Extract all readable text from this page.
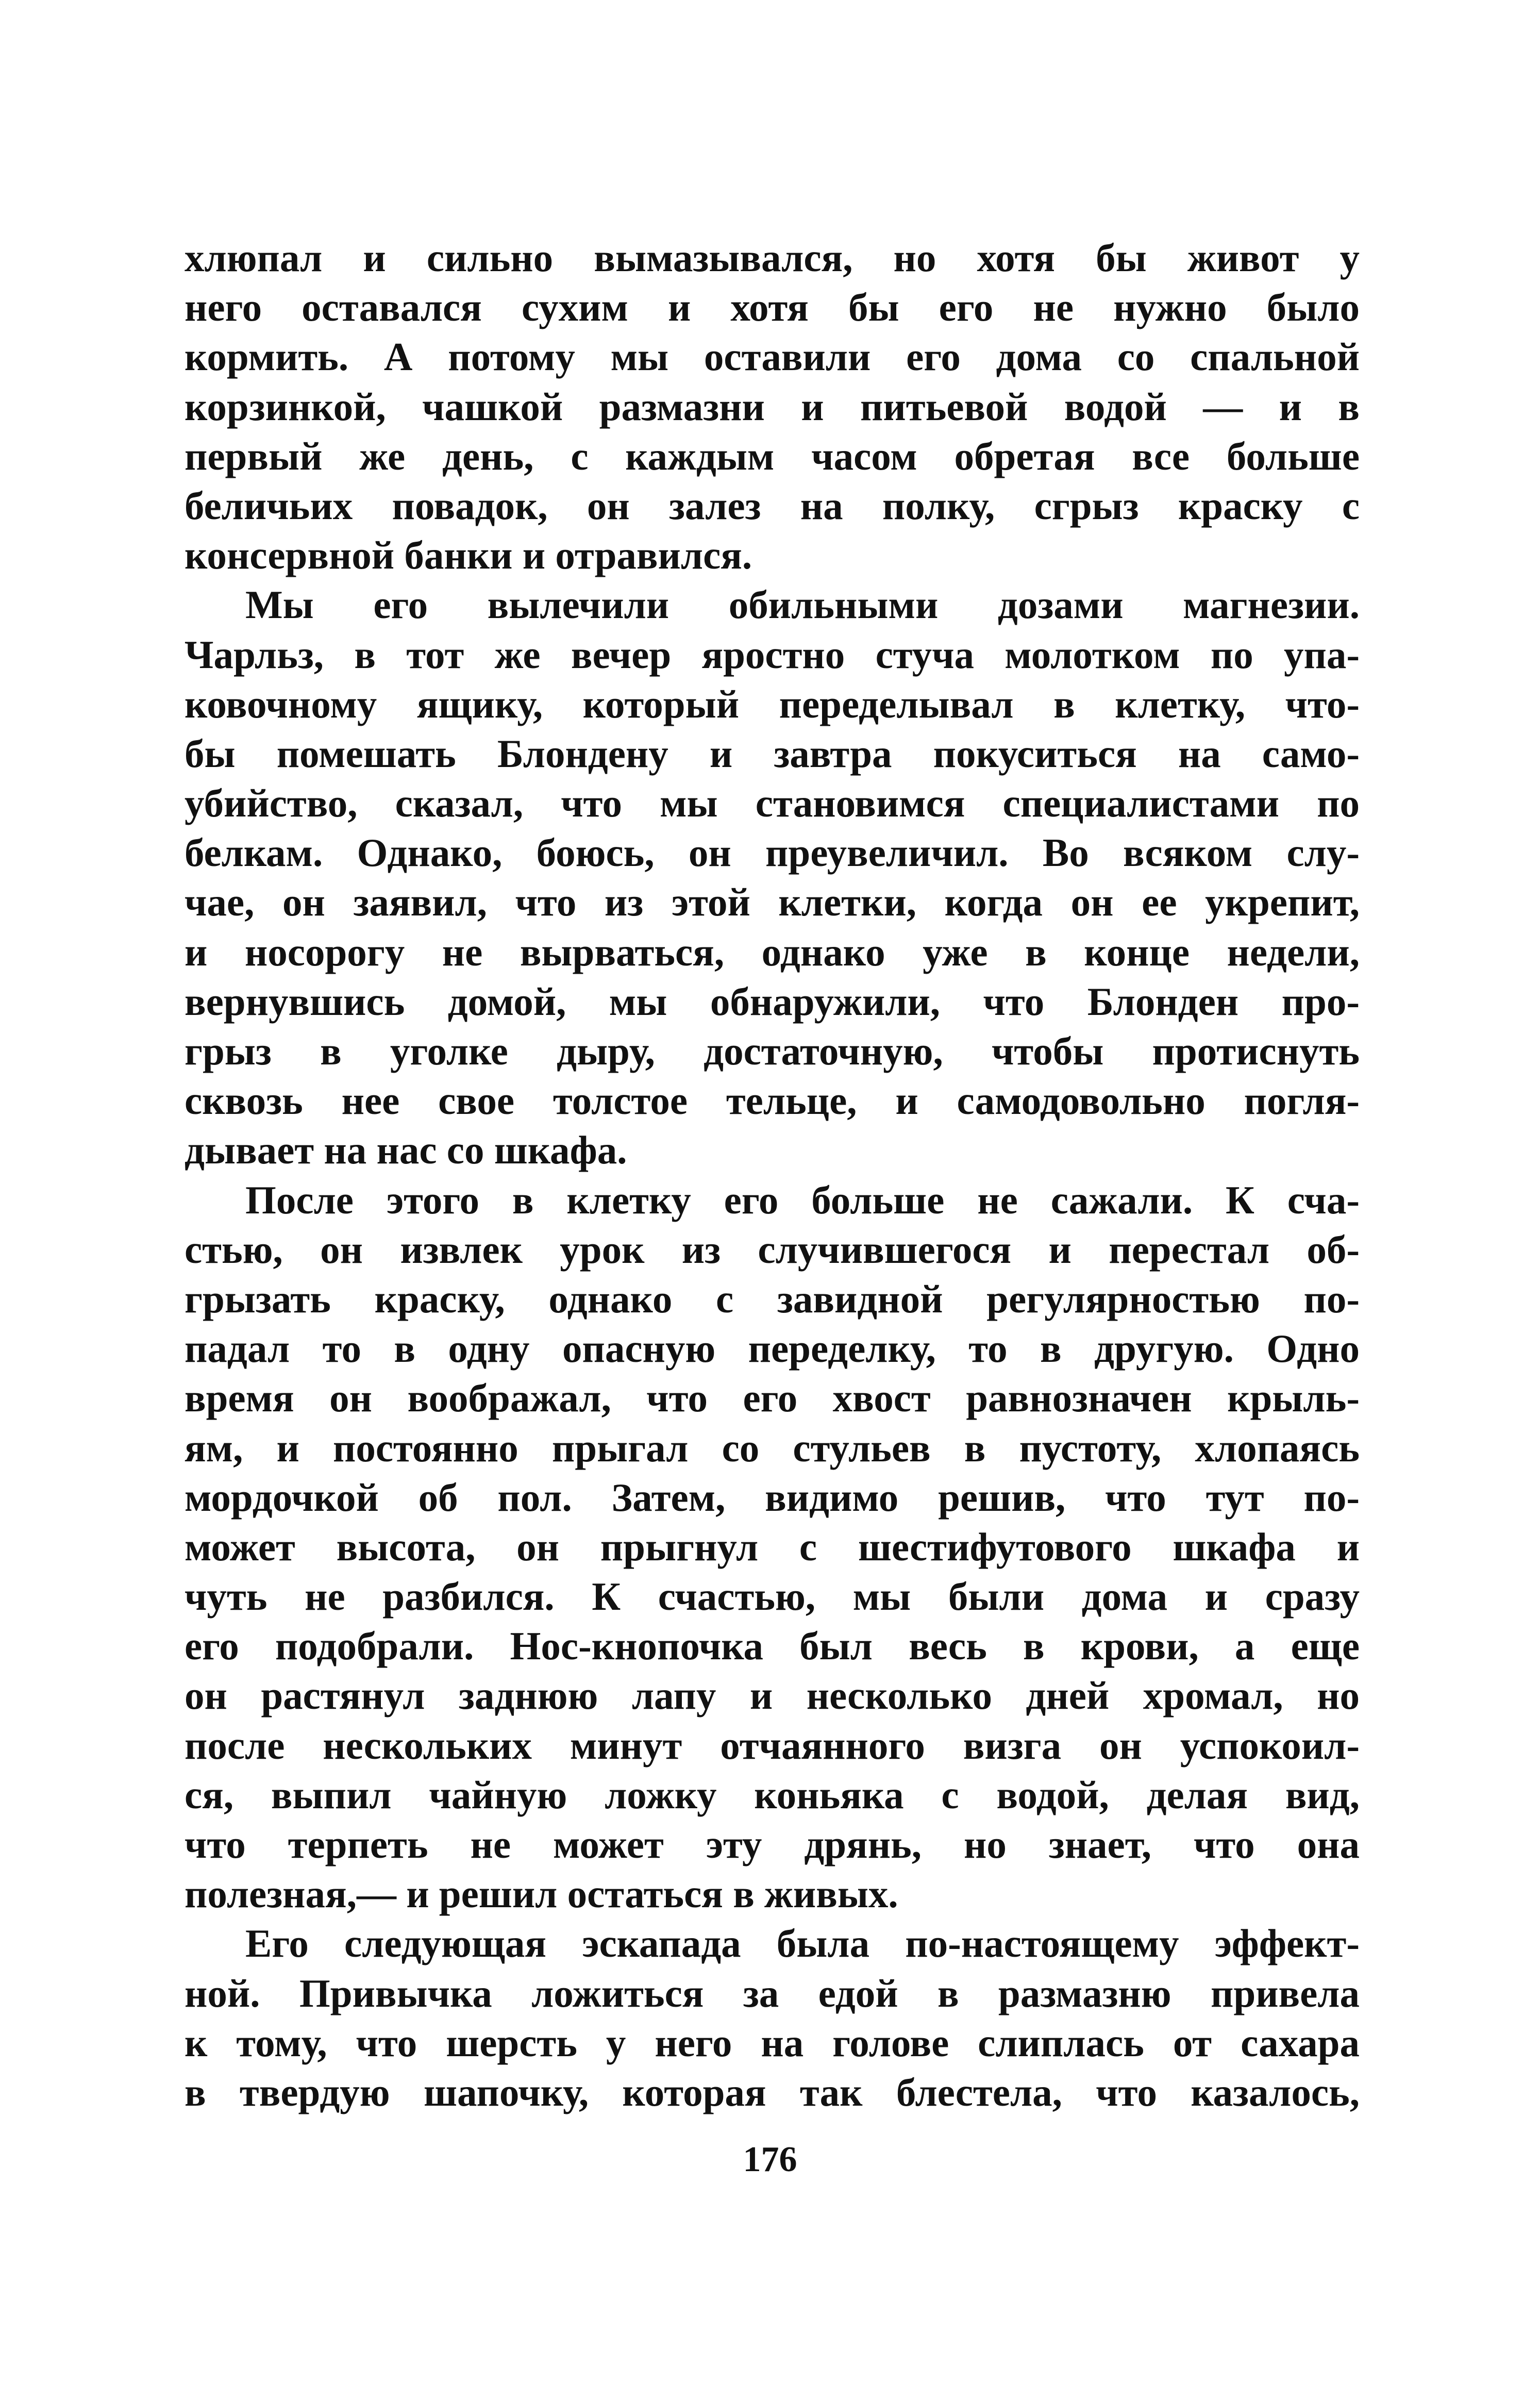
хлюпал и сильно вымазывался, но хотя бы живот у
него оставался сухим и хотя бы его не нужно было
кормить. А потому мы оставили его дома со спальной
корзинкой, чашкой размазни и питьевой водой — и в
первый же день, с каждым часом обретая все больше
беличьих повадок, он залез на полку, сгрыз краску с
консервной банки и отравился.
Мы его вылечили обильными дозами магнезии.
Чарльз, в тот же вечер яростно стуча молотком по упа-
ковочному ящику, который переделывал в клетку, что-
бы помешать Блондену и завтра покуситься на само-
убийство, сказал, что мы становимся специалистами по
белкам. Однако, боюсь, он преувеличил. Во всяком слу-
чае, он заявил, что из этой клетки, когда он ее укрепит,
и носорогу не вырваться, однако уже в конце недели,
вернувшись домой, мы обнаружили, что Блонден про-
грыз в уголке дыру, достаточную, чтобы протиснуть
сквозь нее свое толстое тельце, и самодовольно погля-
дывает на нас со шкафа.
После этого в клетку его больше не сажали. К сча-
стью, он извлек урок из случившегося и перестал об-
грызать краску, однако с завидной регулярностью по-
падал то в одну опасную переделку, то в другую. Одно
время он воображал, что его хвост равнозначен крыль-
ям, и постоянно прыгал со стульев в пустоту, хлопаясь
мордочкой об пол. Затем, видимо решив, что тут по-
может высота, он прыгнул с шестифутового шкафа и
чуть не разбился. К счастью, мы были дома и сразу
его подобрали. Нос-кнопочка был весь в крови, а еще
он растянул заднюю лапу и несколько дней хромал, но
после нескольких минут отчаянного визга он успокоил-
ся, выпил чайную ложку коньяка с водой, делая вид,
что терпеть не может эту дрянь, но знает, что она
полезная,— и решил остаться в живых.
Его следующая эскапада была по-настоящему эффект-
ной. Привычка ложиться за едой в размазню привела
к тому, что шерсть у него на голове слиплась от сахара
в твердую шапочку, которая так блестела, что казалось,
176
